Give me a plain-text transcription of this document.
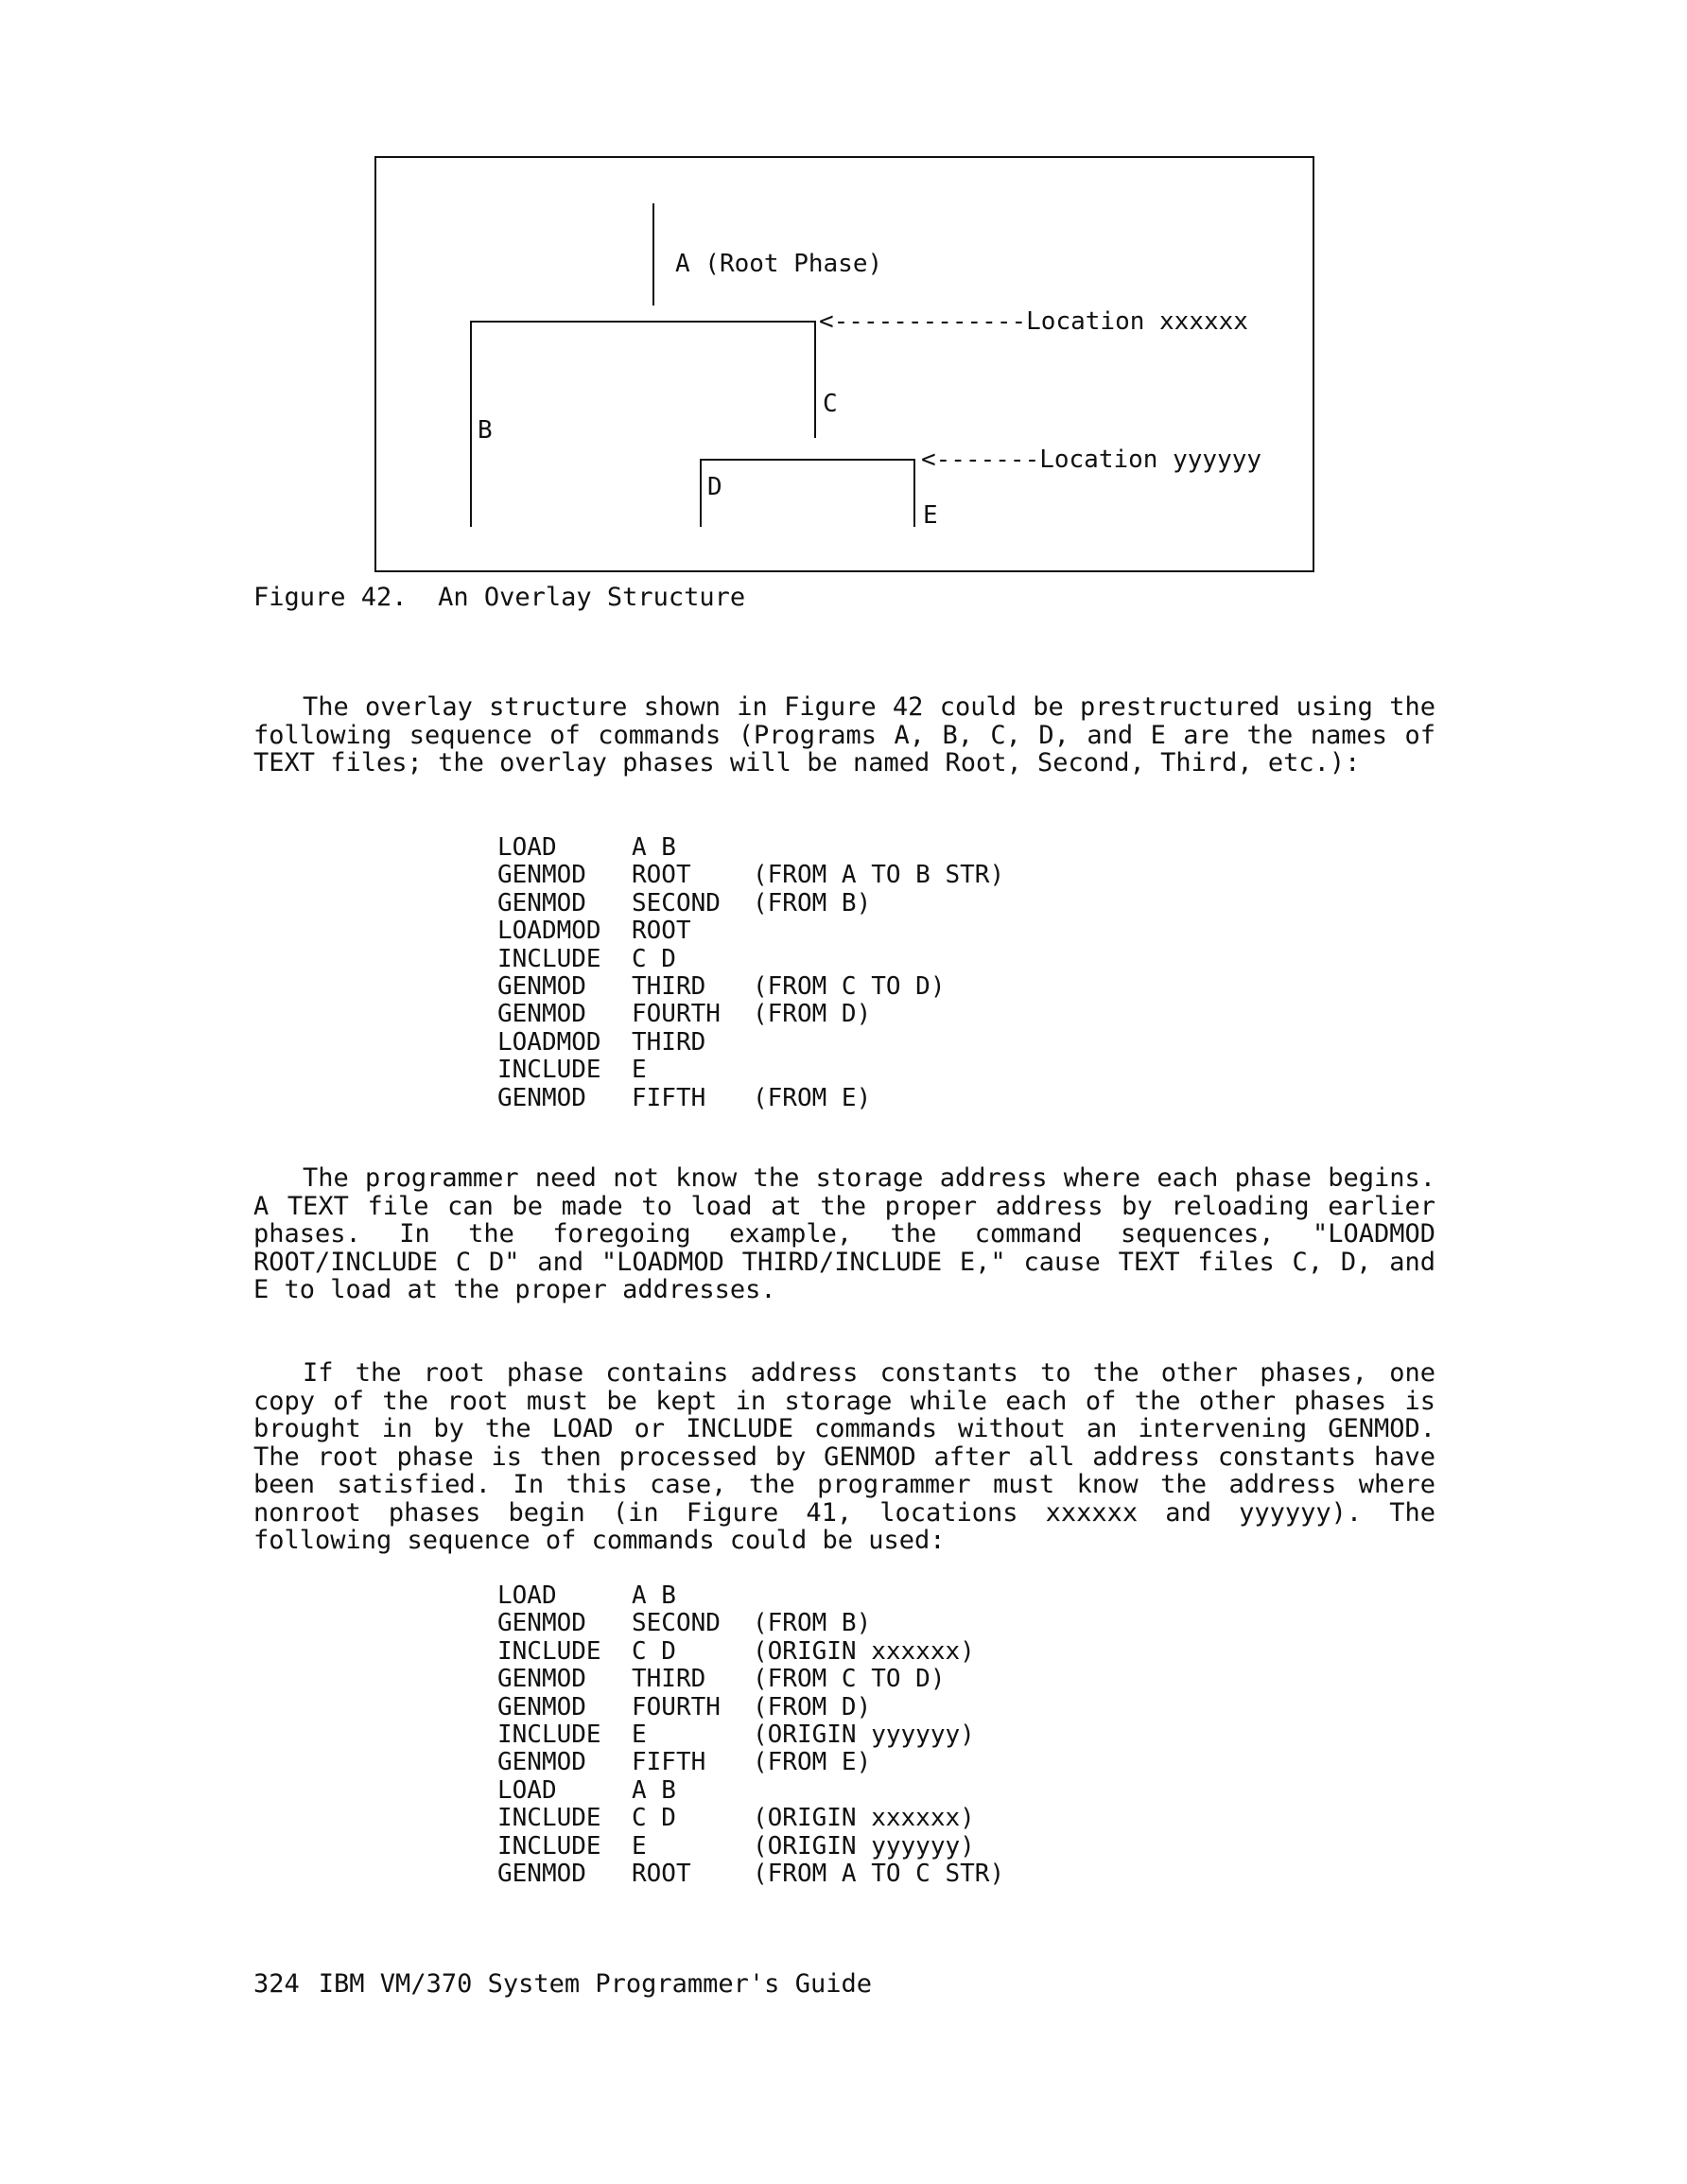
A (Root Phase)
<-------------Location xxxxxx
B
C
<-------Location yyyyyy
D
E
Figure 42.  An Overlay Structure

The overlay structure shown in Figure 42 could be prestructured using the following sequence of commands (Programs A, B, C, D, and E are the names of TEXT files; the overlay phases will be named Root, Second, Third, etc.):

LOAD	A B
GENMOD	ROOT	(FROM A TO B STR)
GENMOD	SECOND	(FROM B)
LOADMOD	ROOT
INCLUDE	C D
GENMOD	THIRD	(FROM C TO D)
GENMOD	FOURTH	(FROM D)
LOADMOD	THIRD
INCLUDE	E
GENMOD	FIFTH	(FROM E)

The programmer need not know the storage address where each phase begins. A TEXT file can be made to load at the proper address by reloading earlier phases. In the foregoing example, the command sequences, "LOADMOD ROOT/INCLUDE C D" and "LOADMOD THIRD/INCLUDE E," cause TEXT files C, D, and E to load at the proper addresses.

If the root phase contains address constants to the other phases, one copy of the root must be kept in storage while each of the other phases is brought in by the LOAD or INCLUDE commands without an intervening GENMOD. The root phase is then processed by GENMOD after all address constants have been satisfied. In this case, the programmer must know the address where nonroot phases begin (in Figure 41, locations xxxxxx and yyyyyy). The following sequence of commands could be used:

LOAD	A B
GENMOD	SECOND	(FROM B)
INCLUDE	C D	(ORIGIN xxxxxx)
GENMOD	THIRD	(FROM C TO D)
GENMOD	FOURTH	(FROM D)
INCLUDE	E	(ORIGIN yyyyyy)
GENMOD	FIFTH	(FROM E)
LOAD	A B
INCLUDE	C D	(ORIGIN xxxxxx)
INCLUDE	E	(ORIGIN yyyyyy)
GENMOD	ROOT	(FROM A TO C STR)
324 IBM VM/370 System Programmer's Guide
